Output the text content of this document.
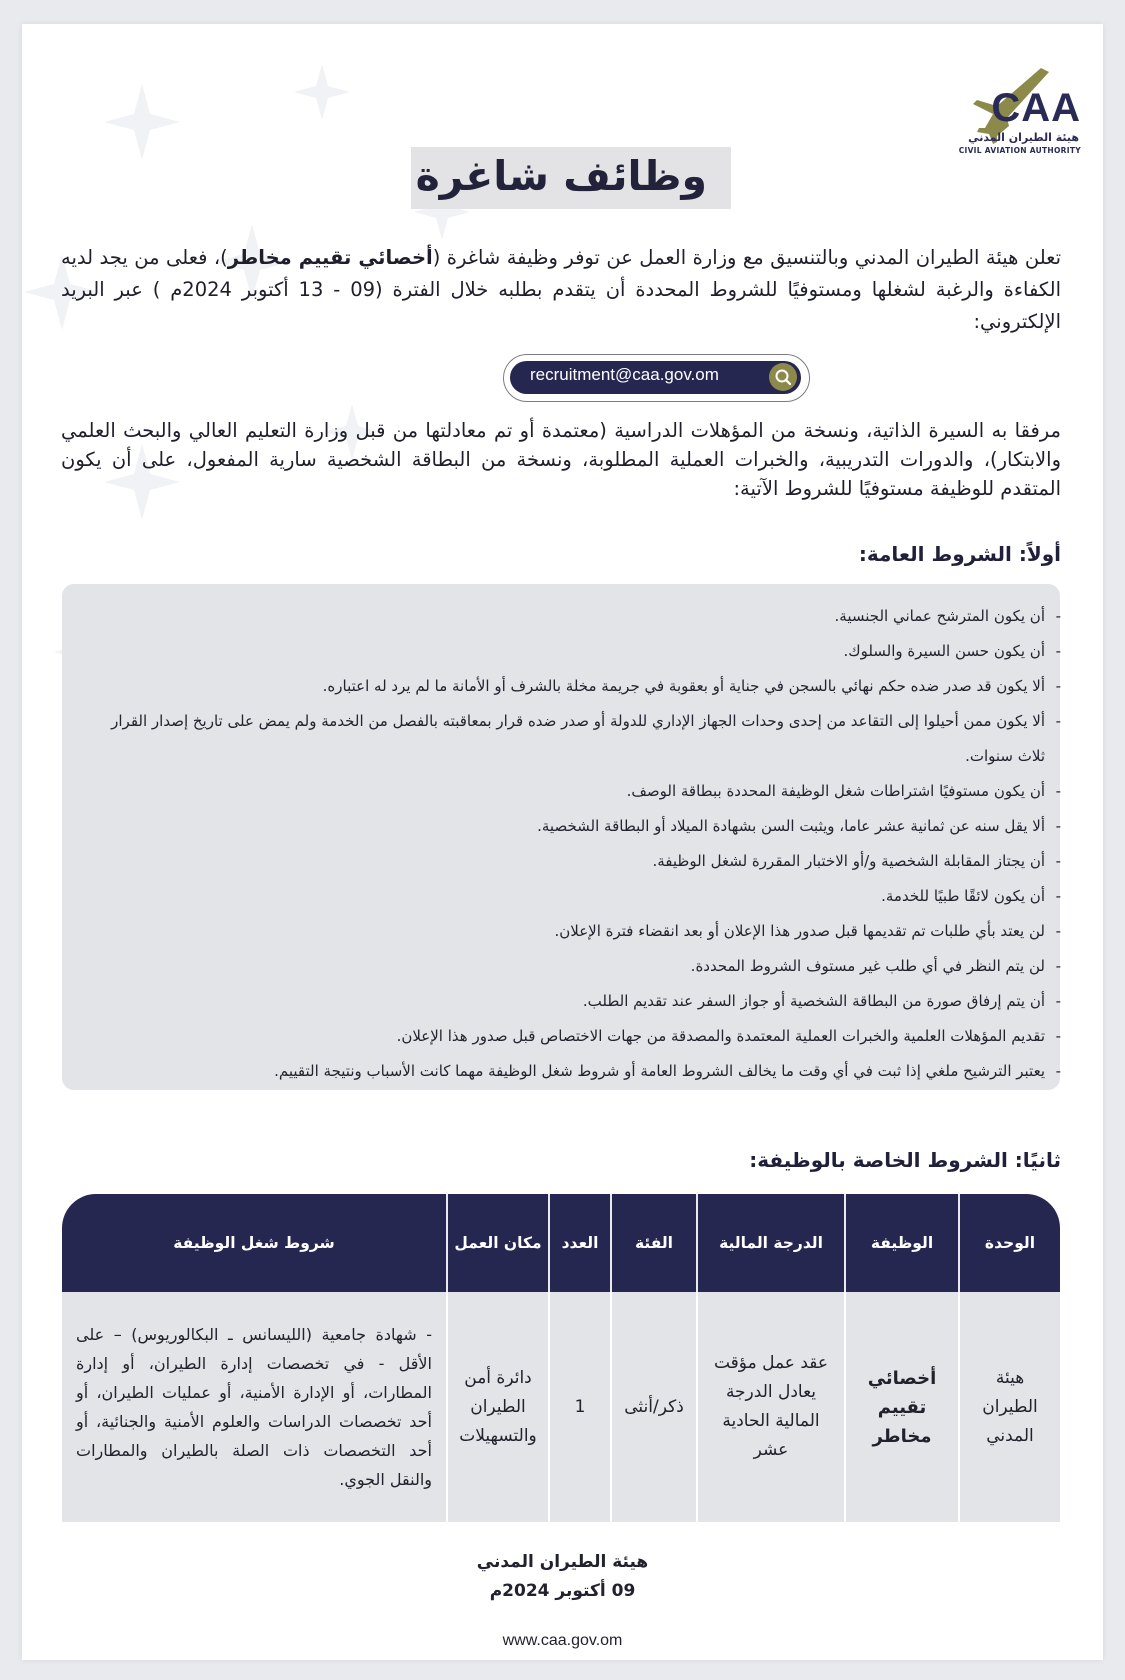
CAA
هيئة الطيران المدني
CIVIL AVIATION AUTHORITY
وظائف شاغرة
تعلن هيئة الطيران المدني وبالتنسيق مع وزارة العمل عن توفر وظيفة شاغرة (أخصائي تقييم مخاطر)، فعلى من يجد لديه الكفاءة والرغبة لشغلها ومستوفيًا للشروط المحددة أن يتقدم بطلبه خلال الفترة (09 - 13 أكتوبر 2024م ) عبر البريد الإلكتروني:
recruitment@caa.gov.om
مرفقا به السيرة الذاتية، ونسخة من المؤهلات الدراسية (معتمدة أو تم معادلتها من قبل وزارة التعليم العالي والبحث العلمي والابتكار)، والدورات التدريبية، والخبرات العملية المطلوبة، ونسخة من البطاقة الشخصية سارية المفعول، على أن يكون المتقدم للوظيفة مستوفيًا للشروط الآتية:
أولاً: الشروط العامة:
- أن يكون المترشح عماني الجنسية.
- أن يكون حسن السيرة والسلوك.
- ألا يكون قد صدر ضده حكم نهائي بالسجن في جناية أو بعقوبة في جريمة مخلة بالشرف أو الأمانة ما لم يرد له اعتباره.
- ألا يكون ممن أحيلوا إلى التقاعد من إحدى وحدات الجهاز الإداري للدولة أو صدر ضده قرار بمعاقبته بالفصل من الخدمة ولم يمض على تاريخ إصدار القرار ثلاث سنوات.
- أن يكون مستوفيًا اشتراطات شغل الوظيفة المحددة ببطاقة الوصف.
- ألا يقل سنه عن ثمانية عشر عاما، ويثبت السن بشهادة الميلاد أو البطاقة الشخصية.
- أن يجتاز المقابلة الشخصية و/أو الاختبار المقررة لشغل الوظيفة.
- أن يكون لائقًا طبيًا للخدمة.
- لن يعتد بأي طلبات تم تقديمها قبل صدور هذا الإعلان أو بعد انقضاء فترة الإعلان.
- لن يتم النظر في أي طلب غير مستوف الشروط المحددة.
- أن يتم إرفاق صورة من البطاقة الشخصية أو جواز السفر عند تقديم الطلب.
- تقديم المؤهلات العلمية والخبرات العملية المعتمدة والمصدقة من جهات الاختصاص قبل صدور هذا الإعلان.
- يعتبر الترشيح ملغي إذا ثبت في أي وقت ما يخالف الشروط العامة أو شروط شغل الوظيفة مهما كانت الأسباب ونتيجة التقييم.
ثانيًا: الشروط الخاصة بالوظيفة:
الوحدة	الوظيفة	الدرجة المالية	الفئة	العدد	مكان العمل	شروط شغل الوظيفة
هيئة الطيران المدني	أخصائي تقييم مخاطر	عقد عمل مؤقت يعادل الدرجة المالية الحادية عشر	ذكر/أنثى	1	دائرة أمن الطيران والتسهيلات	- شهادة جامعية (الليسانس ـ البكالوريوس) – على الأقل - في تخصصات إدارة الطيران، أو إدارة المطارات، أو الإدارة الأمنية، أو عمليات الطيران، أو أحد تخصصات الدراسات والعلوم الأمنية والجنائية، أو أحد التخصصات ذات الصلة بالطيران والمطارات والنقل الجوي.
هيئة الطيران المدني
09 أكتوبر 2024م
www.caa.gov.om
